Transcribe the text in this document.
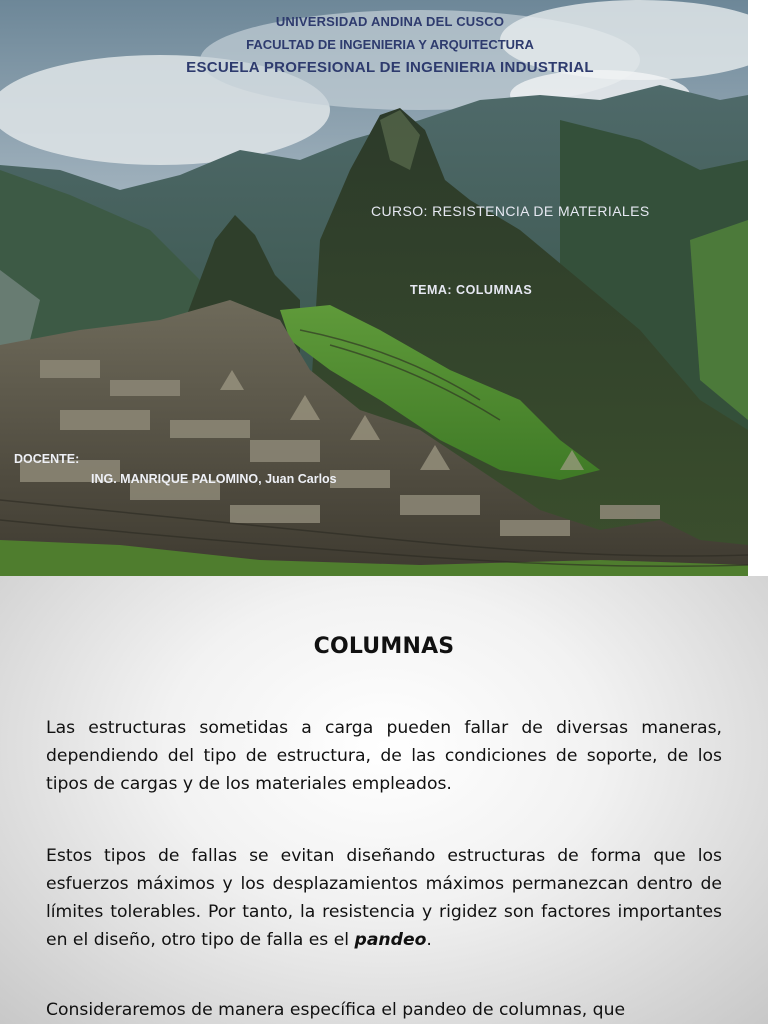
UNIVERSIDAD ANDINA DEL CUSCO
FACULTAD DE INGENIERIA Y ARQUITECTURA
ESCUELA PROFESIONAL DE INGENIERIA INDUSTRIAL
CURSO: RESISTENCIA DE MATERIALES
TEMA: COLUMNAS
DOCENTE:
ING. MANRIQUE PALOMINO, Juan Carlos
COLUMNAS

Las estructuras sometidas a carga pueden fallar de diversas maneras, dependiendo del tipo de estructura, de las condiciones de soporte, de los tipos de cargas y de los materiales empleados.

Estos tipos de fallas se evitan diseñando estructuras de forma que los esfuerzos máximos y los desplazamientos máximos permanezcan dentro de límites tolerables. Por tanto, la resistencia y rigidez son factores importantes en el diseño, otro tipo de falla es el pandeo.

Consideraremos de manera específica el pandeo de columnas, que
